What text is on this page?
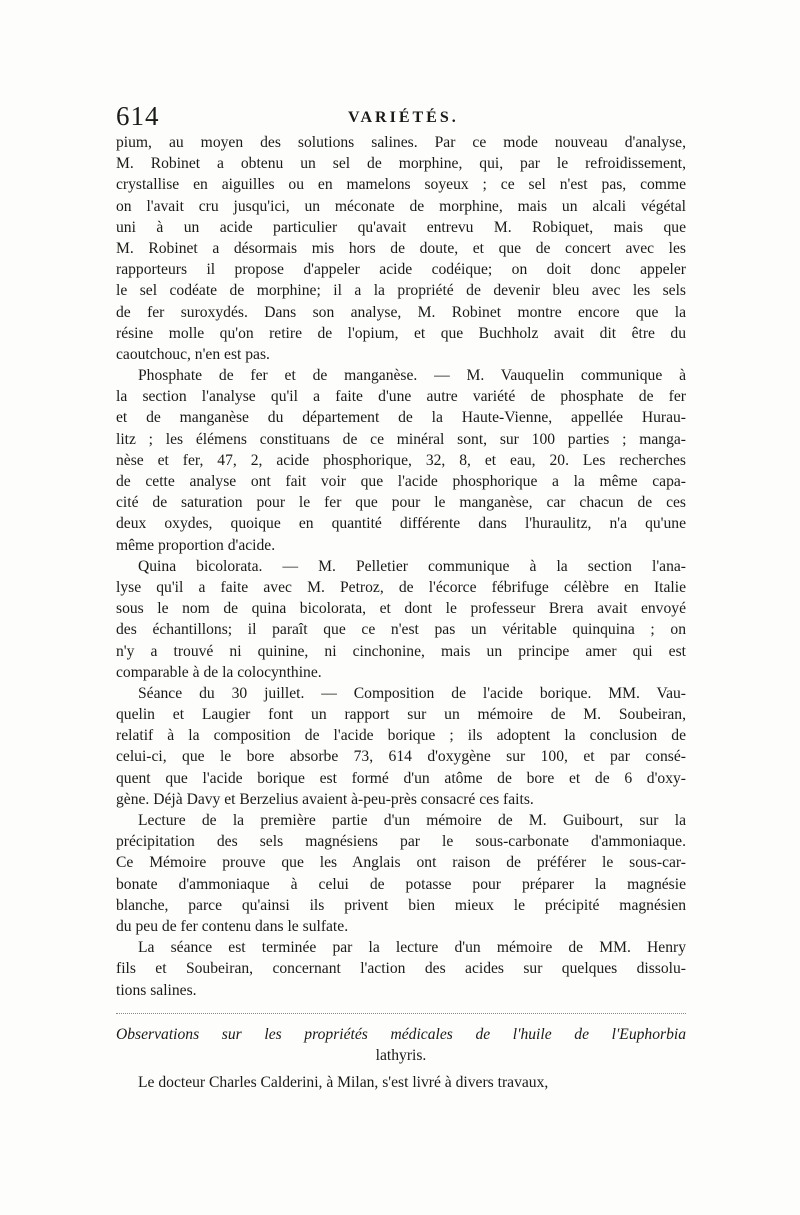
614	VARIÉTÉS.
pium, au moyen des solutions salines. Par ce mode nouveau d'analyse,
M. Robinet a obtenu un sel de morphine, qui, par le refroidissement,
crystallise en aiguilles ou en mamelons soyeux ; ce sel n'est pas, comme
on l'avait cru jusqu'ici, un méconate de morphine, mais un alcali végétal
uni à un acide particulier qu'avait entrevu M. Robiquet, mais que
M. Robinet a désormais mis hors de doute, et que de concert avec les
rapporteurs il propose d'appeler acide codéique; on doit donc appeler
le sel codéate de morphine; il a la propriété de devenir bleu avec les sels
de fer suroxydés. Dans son analyse, M. Robinet montre encore que la
résine molle qu'on retire de l'opium, et que Buchholz avait dit être du
caoutchouc, n'en est pas.
Phosphate de fer et de manganèse. — M. Vauquelin communique à
la section l'analyse qu'il a faite d'une autre variété de phosphate de fer
et de manganèse du département de la Haute-Vienne, appellée Hurau-
litz ; les élémens constituans de ce minéral sont, sur 100 parties ; manga-
nèse et fer, 47, 2, acide phosphorique, 32, 8, et eau, 20. Les recherches
de cette analyse ont fait voir que l'acide phosphorique a la même capa-
cité de saturation pour le fer que pour le manganèse, car chacun de ces
deux oxydes, quoique en quantité différente dans l'huraulitz, n'a qu'une
même proportion d'acide.
Quina bicolorata. — M. Pelletier communique à la section l'ana-
lyse qu'il a faite avec M. Petroz, de l'écorce fébrifuge célèbre en Italie
sous le nom de quina bicolorata, et dont le professeur Brera avait envoyé
des échantillons; il paraît que ce n'est pas un véritable quinquina ; on
n'y a trouvé ni quinine, ni cinchonine, mais un principe amer qui est
comparable à de la colocynthine.
Séance du 30 juillet. — Composition de l'acide borique. MM. Vau-
quelin et Laugier font un rapport sur un mémoire de M. Soubeiran,
relatif à la composition de l'acide borique ; ils adoptent la conclusion de
celui-ci, que le bore absorbe 73, 614 d'oxygène sur 100, et par consé-
quent que l'acide borique est formé d'un atôme de bore et de 6 d'oxy-
gène. Déjà Davy et Berzelius avaient à-peu-près consacré ces faits.
Lecture de la première partie d'un mémoire de M. Guibourt, sur la
précipitation des sels magnésiens par le sous-carbonate d'ammoniaque.
Ce Mémoire prouve que les Anglais ont raison de préférer le sous-car-
bonate d'ammoniaque à celui de potasse pour préparer la magnésie
blanche, parce qu'ainsi ils privent bien mieux le précipité magnésien
du peu de fer contenu dans le sulfate.
La séance est terminée par la lecture d'un mémoire de MM. Henry
fils et Soubeiran, concernant l'action des acides sur quelques dissolu-
tions salines.
Observations sur les propriétés médicales de l'huile de l'Euphorbia
lathyris.
Le docteur Charles Calderini, à Milan, s'est livré à divers travaux,
